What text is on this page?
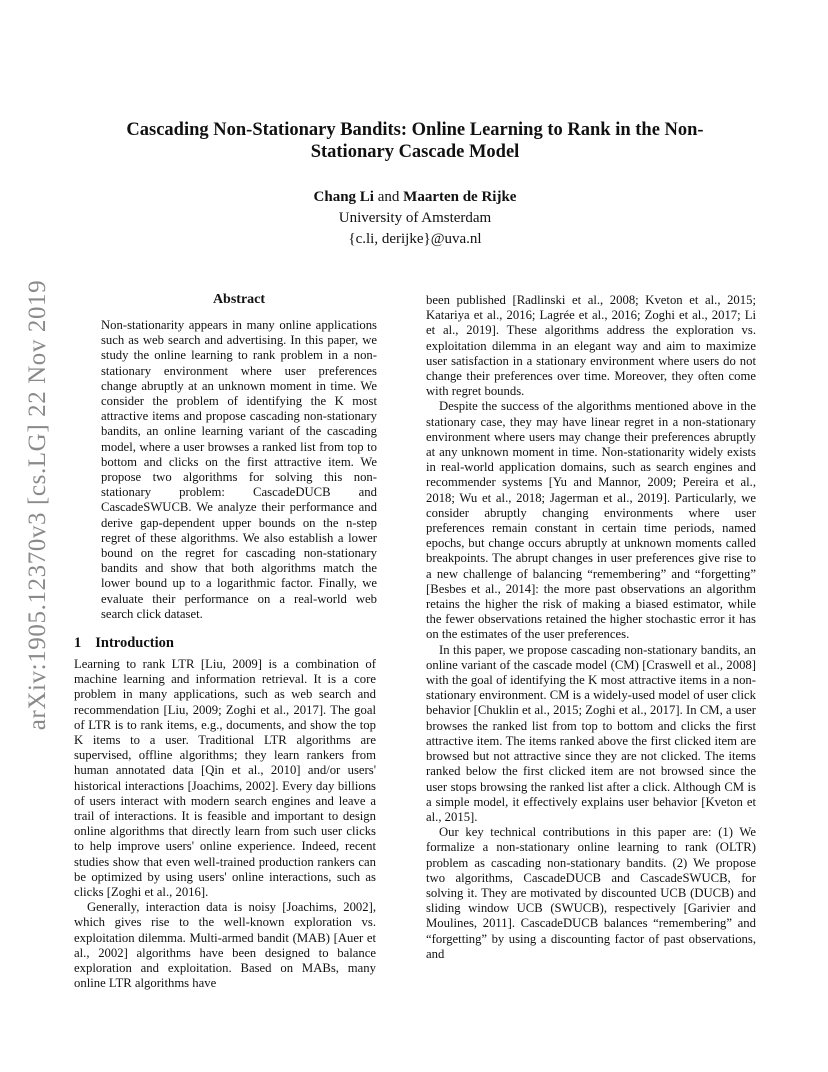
arXiv:1905.12370v3 [cs.LG] 22 Nov 2019
Cascading Non-Stationary Bandits: Online Learning to Rank in the Non-Stationary Cascade Model
Chang Li and Maarten de Rijke
University of Amsterdam
{c.li, derijke}@uva.nl
Abstract

Non-stationarity appears in many online applications such as web search and advertising. In this paper, we study the online learning to rank problem in a non-stationary environment where user preferences change abruptly at an unknown moment in time. We consider the problem of identifying the K most attractive items and propose cascading non-stationary bandits, an online learning variant of the cascading model, where a user browses a ranked list from top to bottom and clicks on the first attractive item. We propose two algorithms for solving this non-stationary problem: CascadeDUCB and CascadeSWUCB. We analyze their performance and derive gap-dependent upper bounds on the n-step regret of these algorithms. We also establish a lower bound on the regret for cascading non-stationary bandits and show that both algorithms match the lower bound up to a logarithmic factor. Finally, we evaluate their performance on a real-world web search click dataset.

1 Introduction

Learning to rank LTR [Liu, 2009] is a combination of machine learning and information retrieval. It is a core problem in many applications, such as web search and recommendation [Liu, 2009; Zoghi et al., 2017]. The goal of LTR is to rank items, e.g., documents, and show the top K items to a user. Traditional LTR algorithms are supervised, offline algorithms; they learn rankers from human annotated data [Qin et al., 2010] and/or users' historical interactions [Joachims, 2002]. Every day billions of users interact with modern search engines and leave a trail of interactions. It is feasible and important to design online algorithms that directly learn from such user clicks to help improve users' online experience. Indeed, recent studies show that even well-trained production rankers can be optimized by using users' online interactions, such as clicks [Zoghi et al., 2016].

Generally, interaction data is noisy [Joachims, 2002], which gives rise to the well-known exploration vs. exploitation dilemma. Multi-armed bandit (MAB) [Auer et al., 2002] algorithms have been designed to balance exploration and exploitation. Based on MABs, many online LTR algorithms have

been published [Radlinski et al., 2008; Kveton et al., 2015; Katariya et al., 2016; Lagrée et al., 2016; Zoghi et al., 2017; Li et al., 2019]. These algorithms address the exploration vs. exploitation dilemma in an elegant way and aim to maximize user satisfaction in a stationary environment where users do not change their preferences over time. Moreover, they often come with regret bounds.

Despite the success of the algorithms mentioned above in the stationary case, they may have linear regret in a non-stationary environment where users may change their preferences abruptly at any unknown moment in time. Non-stationarity widely exists in real-world application domains, such as search engines and recommender systems [Yu and Mannor, 2009; Pereira et al., 2018; Wu et al., 2018; Jagerman et al., 2019]. Particularly, we consider abruptly changing environments where user preferences remain constant in certain time periods, named epochs, but change occurs abruptly at unknown moments called breakpoints. The abrupt changes in user preferences give rise to a new challenge of balancing “remembering” and “forgetting” [Besbes et al., 2014]: the more past observations an algorithm retains the higher the risk of making a biased estimator, while the fewer observations retained the higher stochastic error it has on the estimates of the user preferences.

In this paper, we propose cascading non-stationary bandits, an online variant of the cascade model (CM) [Craswell et al., 2008] with the goal of identifying the K most attractive items in a non-stationary environment. CM is a widely-used model of user click behavior [Chuklin et al., 2015; Zoghi et al., 2017]. In CM, a user browses the ranked list from top to bottom and clicks the first attractive item. The items ranked above the first clicked item are browsed but not attractive since they are not clicked. The items ranked below the first clicked item are not browsed since the user stops browsing the ranked list after a click. Although CM is a simple model, it effectively explains user behavior [Kveton et al., 2015].

Our key technical contributions in this paper are: (1) We formalize a non-stationary online learning to rank (OLTR) problem as cascading non-stationary bandits. (2) We propose two algorithms, CascadeDUCB and CascadeSWUCB, for solving it. They are motivated by discounted UCB (DUCB) and sliding window UCB (SWUCB), respectively [Garivier and Moulines, 2011]. CascadeDUCB balances “remembering” and “forgetting” by using a discounting factor of past observations, and
